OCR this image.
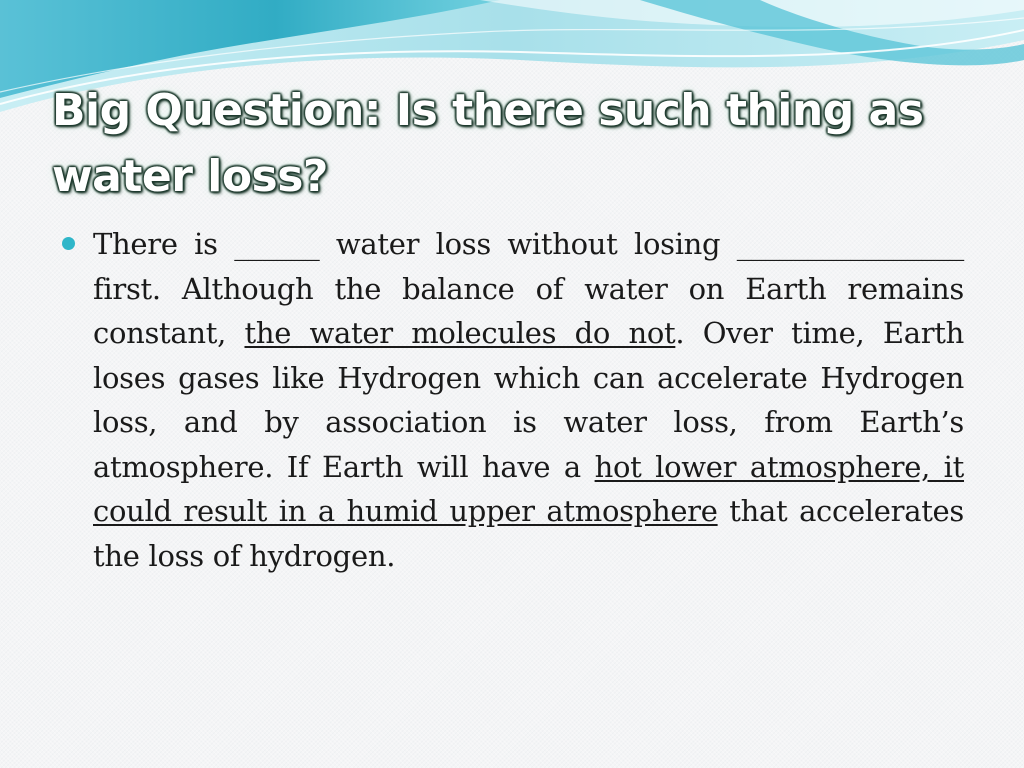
Big Question: Is there such thing as water loss?

There is ______ water loss without losing ________________ first. Although the balance of water on Earth remains constant, the water molecules do not. Over time, Earth loses gases like Hydrogen which can accelerate Hydrogen loss, and by association is water loss, from Earth’s atmosphere. If Earth will have a hot lower atmosphere, it could result in a humid upper atmosphere that accelerates the loss of hydrogen.
